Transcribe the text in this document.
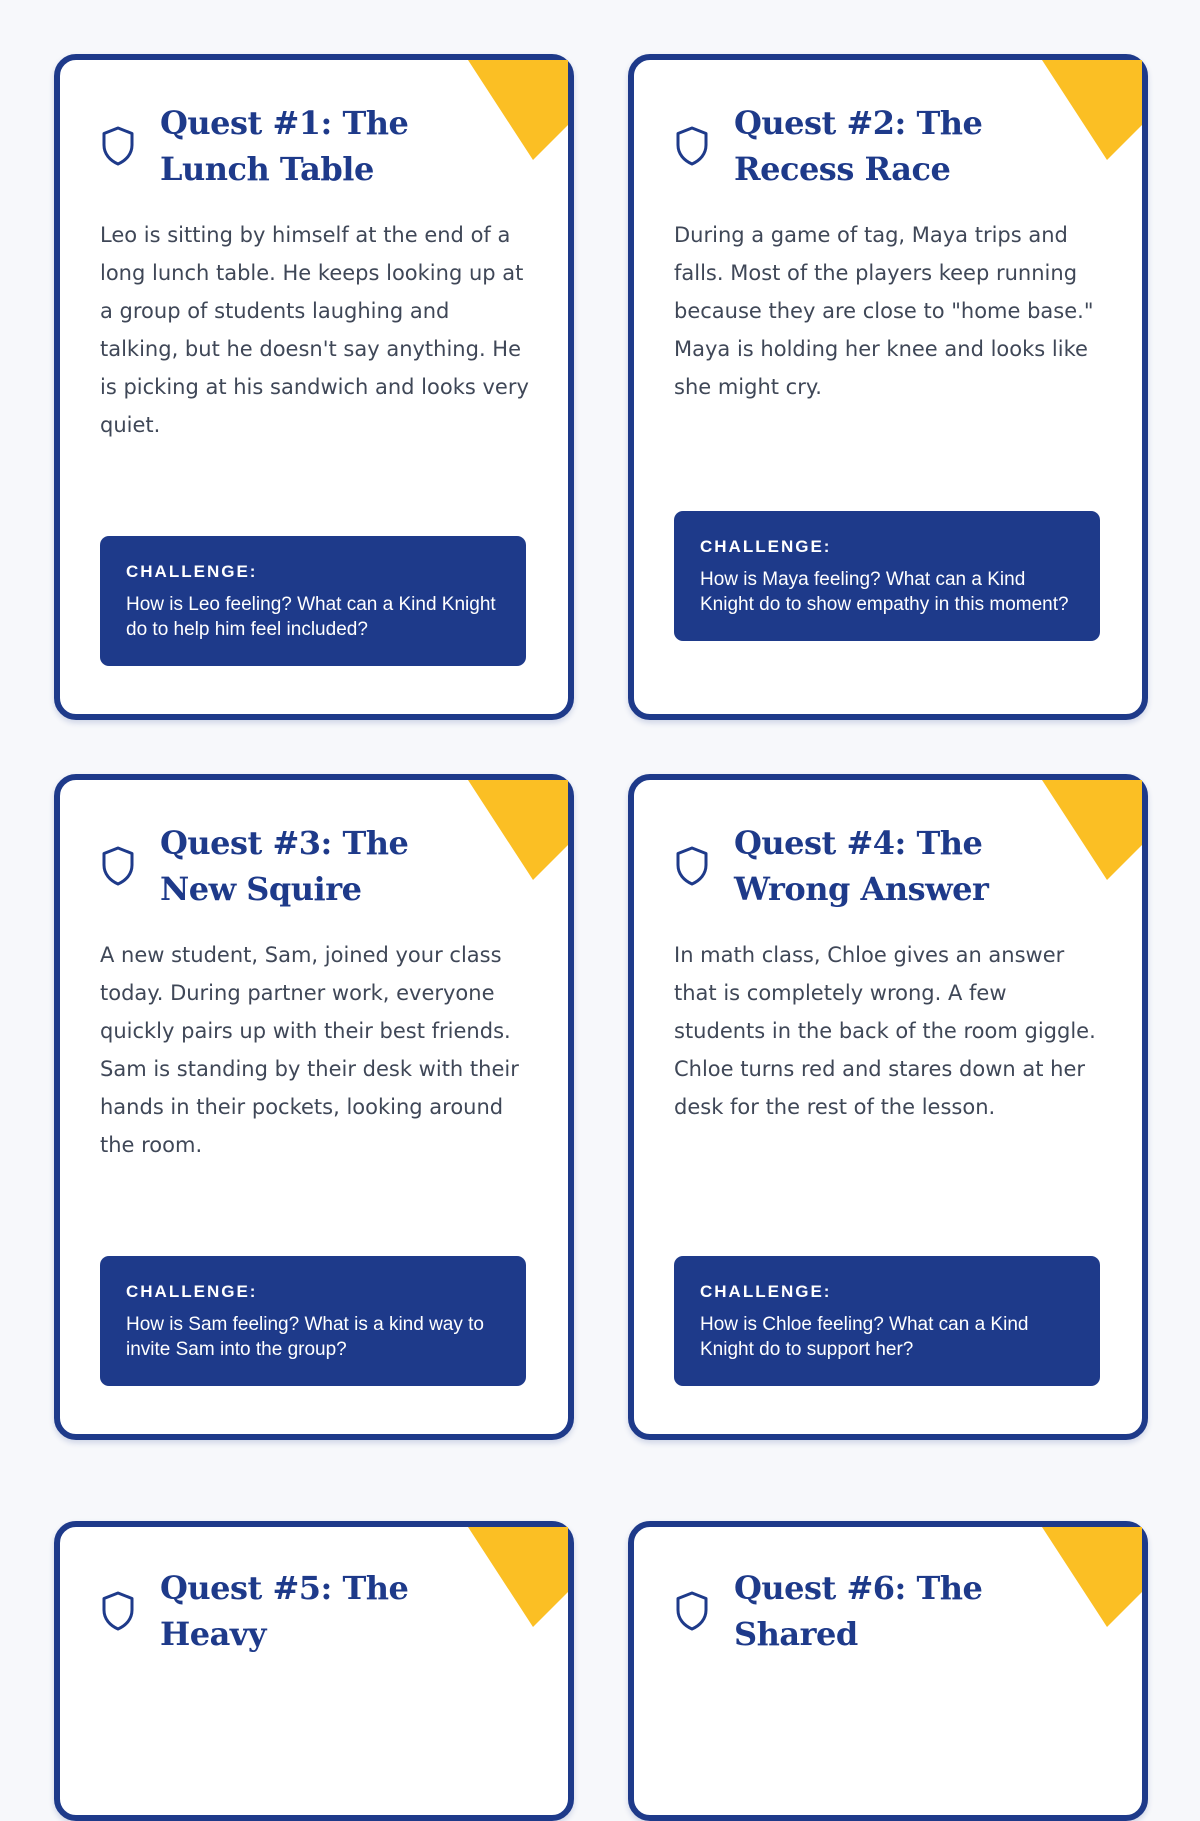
Quest #1: The Lunch Table

Leo is sitting by himself at the end of a long lunch table. He keeps looking up at a group of students laughing and talking, but he doesn't say anything. He is picking at his sandwich and looks very quiet.

CHALLENGE:
How is Leo feeling? What can a Kind Knight do to help him feel included?
Quest #2: The Recess Race

During a game of tag, Maya trips and falls. Most of the players keep running because they are close to "home base." Maya is holding her knee and looks like she might cry.

CHALLENGE:
How is Maya feeling? What can a Kind Knight do to show empathy in this moment?
Quest #3: The New Squire

A new student, Sam, joined your class today. During partner work, everyone quickly pairs up with their best friends. Sam is standing by their desk with their hands in their pockets, looking around the room.

CHALLENGE:
How is Sam feeling? What is a kind way to invite Sam into the group?
Quest #4: The Wrong Answer

In math class, Chloe gives an answer that is completely wrong. A few students in the back of the room giggle. Chloe turns red and stares down at her desk for the rest of the lesson.

CHALLENGE:
How is Chloe feeling? What can a Kind Knight do to support her?
Quest #5: The Heavy
Quest #6: The Shared
